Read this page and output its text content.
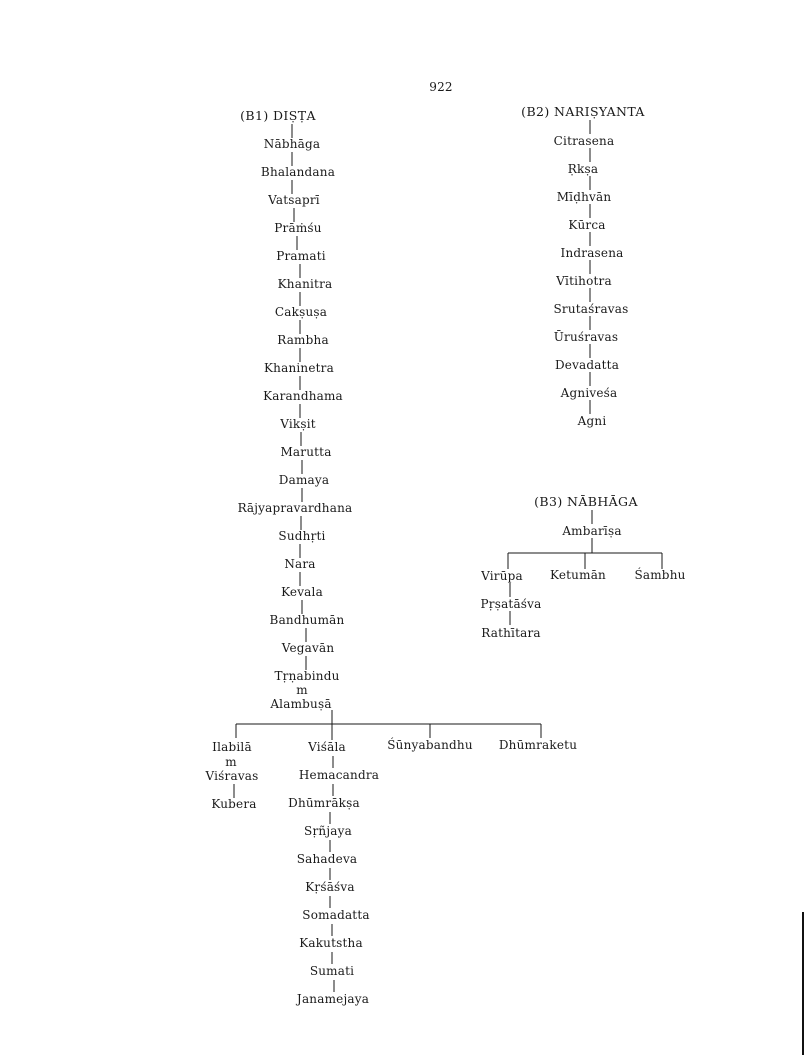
922
(B1) DIṢṬA
Nābhāga
Bhalandana
Vatsaprī
Prāṁśu
Pramati
Khanitra
Cakṣuṣa
Rambha
Khaninetra
Karandhama
Vikṣit
Marutta
Damaya
Rājyapravardhana
Sudhṛti
Nara
Kevala
Bandhumān
Vegavān
Tṛṇabindu
m
Alambuṣā
Ilabilā
m
Viśravas
Kubera
Viśāla	Śūnyabandhu Dhūmraketu
Hemacandra
Dhūmrākṣa
Sṛñjaya
Sahadeva
Kṛśāśva
Somadatta
Kakutstha
Sumati
Janamejaya
(B2) NARIṢYANTA
Citrasena
Ṛkṣa
Mīḍhvān
Kūrca
Indrasena
Vītihotra
Srutaśravas
Ūruśravas
Devadatta
Agniveśa
Agni
(B3) NĀBHĀGA
Ambarīṣa
Virūpa Ketumān Śambhu
Pṛṣatāśva
Rathītara
